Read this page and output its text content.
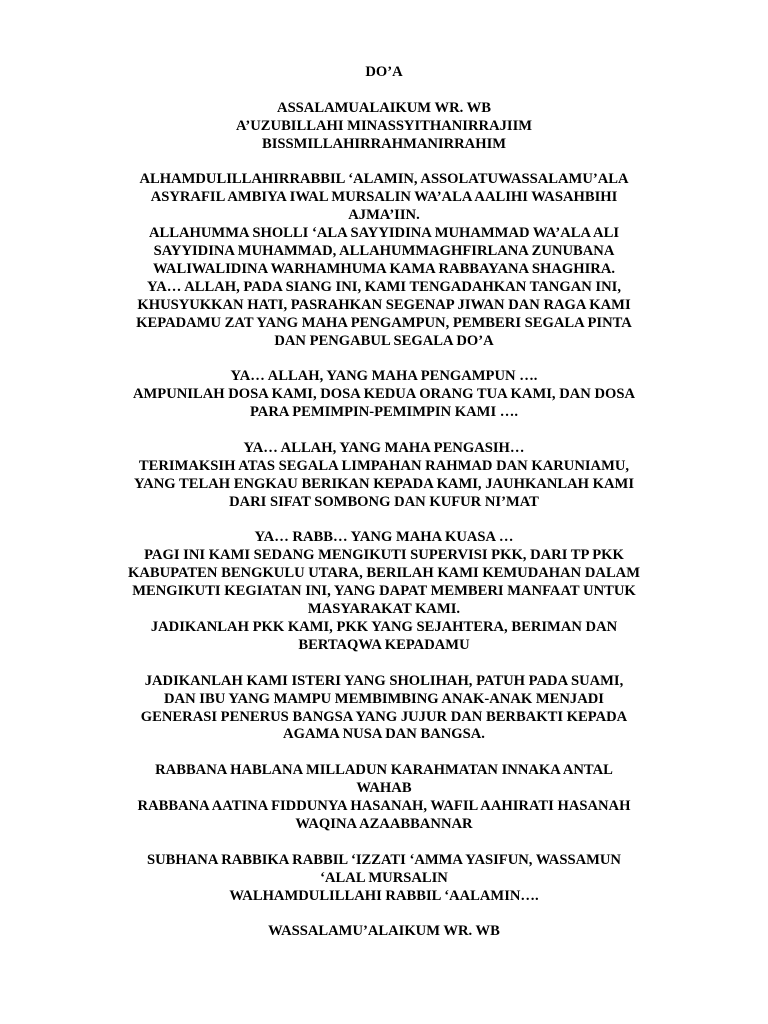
DO’A

ASSALAMUALAIKUM WR. WB

A’UZUBILLAHI MINASSYITHANIRRAJIIM

BISSMILLAHIRRAHMANIRRAHIM

ALHAMDULILLAHIRRABBIL ‘ALAMIN, ASSOLATUWASSALAMU’ALA

ASYRAFIL AMBIYA IWAL MURSALIN WA’ALA AALIHI WASAHBIHI

AJMA’IIN.

ALLAHUMMA SHOLLI ‘ALA SAYYIDINA MUHAMMAD WA’ALA ALI

SAYYIDINA MUHAMMAD, ALLAHUMMAGHFIRLANA ZUNUBANA

WALIWALIDINA WARHAMHUMA KAMA RABBAYANA SHAGHIRA.

YA… ALLAH, PADA SIANG INI, KAMI TENGADAHKAN TANGAN INI,

KHUSYUKKAN HATI, PASRAHKAN SEGENAP JIWAN DAN RAGA KAMI

KEPADAMU ZAT YANG MAHA PENGAMPUN, PEMBERI SEGALA PINTA

DAN PENGABUL SEGALA DO’A

YA… ALLAH, YANG MAHA PENGAMPUN ….

AMPUNILAH DOSA KAMI, DOSA KEDUA ORANG TUA KAMI, DAN DOSA

PARA PEMIMPIN-PEMIMPIN KAMI ….

YA… ALLAH, YANG MAHA PENGASIH…

TERIMAKSIH ATAS SEGALA LIMPAHAN RAHMAD DAN KARUNIAMU,

YANG TELAH ENGKAU BERIKAN KEPADA KAMI, JAUHKANLAH KAMI

DARI SIFAT SOMBONG DAN KUFUR NI’MAT

YA… RABB… YANG MAHA KUASA …

PAGI INI KAMI SEDANG MENGIKUTI SUPERVISI PKK, DARI TP PKK

KABUPATEN BENGKULU UTARA, BERILAH KAMI KEMUDAHAN DALAM

MENGIKUTI KEGIATAN INI, YANG DAPAT MEMBERI MANFAAT UNTUK

MASYARAKAT KAMI.

JADIKANLAH PKK KAMI, PKK YANG SEJAHTERA, BERIMAN DAN

BERTAQWA KEPADAMU

JADIKANLAH KAMI ISTERI YANG SHOLIHAH, PATUH PADA SUAMI,

DAN IBU YANG MAMPU MEMBIMBING ANAK-ANAK MENJADI

GENERASI PENERUS BANGSA YANG JUJUR DAN BERBAKTI KEPADA

AGAMA NUSA DAN BANGSA.

RABBANA HABLANA MILLADUN KARAHMATAN INNAKA ANTAL

WAHAB

RABBANA AATINA FIDDUNYA HASANAH, WAFIL AAHIRATI HASANAH

WAQINA AZAABBANNAR

SUBHANA RABBIKA RABBIL ‘IZZATI ‘AMMA YASIFUN, WASSAMUN

‘ALAL MURSALIN

WALHAMDULILLAHI RABBIL ‘AALAMIN….

WASSALAMU’ALAIKUM WR. WB
